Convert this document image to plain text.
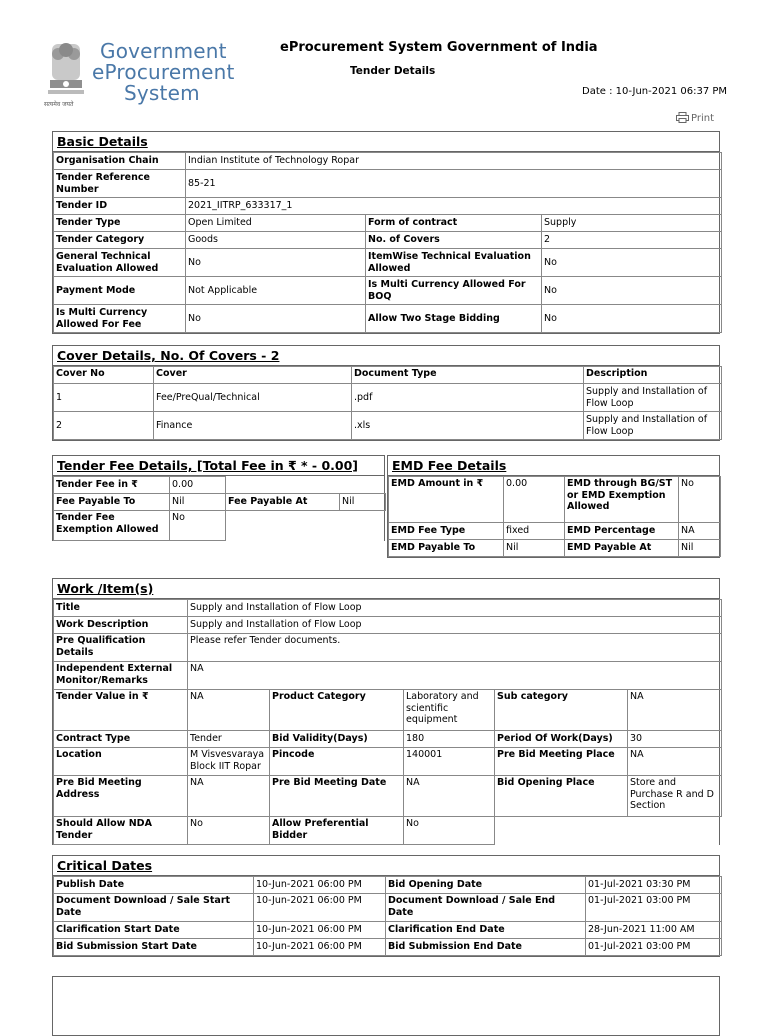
सत्यमेव जयते
Government
eProcurement
System
eProcurement System Government of India
Tender Details
Date : 10-Jun-2021 06:37 PM
Print
Basic Details
Organisation Chain	Indian Institute of Technology Ropar		
Tender Reference Number	85-21		
Tender ID	2021_IITRP_633317_1		
Tender Type	Open Limited	Form of contract	Supply
Tender Category	Goods	No. of Covers	2
General Technical Evaluation Allowed	No	ItemWise Technical Evaluation Allowed	No
Payment Mode	Not Applicable	Is Multi Currency Allowed For BOQ	No
Is Multi Currency Allowed For Fee	No	Allow Two Stage Bidding	No
Cover Details, No. Of Covers - 2
Cover No	Cover	Document Type	Description
1	Fee/PreQual/Technical	.pdf	Supply and Installation of Flow Loop
2	Finance	.xls	Supply and Installation of Flow Loop
Tender Fee Details, [Total Fee in ₹ * - 0.00]
Tender Fee in ₹	0.00		
Fee Payable To	Nil	Fee Payable At	Nil
Tender Fee Exemption Allowed	No		
EMD Fee Details
EMD Amount in ₹	0.00	EMD through BG/ST or EMD Exemption Allowed	No
EMD Fee Type	fixed	EMD Percentage	NA
EMD Payable To	Nil	EMD Payable At	Nil
Work /Item(s)
Title	Supply and Installation of Flow Loop				
Work Description	Supply and Installation of Flow Loop				
Pre Qualification Details	Please refer Tender documents.				
Independent External Monitor/Remarks	NA				
Tender Value in ₹	NA	Product Category	Laboratory and scientific equipment	Sub category	NA
Contract Type	Tender	Bid Validity(Days)	180	Period Of Work(Days)	30
Location	M Visvesvaraya Block IIT Ropar	Pincode	140001	Pre Bid Meeting Place	NA
Pre Bid Meeting Address	NA	Pre Bid Meeting Date	NA	Bid Opening Place	Store and Purchase R and D Section
Should Allow NDA Tender	No	Allow Preferential Bidder	No		
Critical Dates
Publish Date	10-Jun-2021 06:00 PM	Bid Opening Date	01-Jul-2021 03:30 PM
Document Download / Sale Start Date	10-Jun-2021 06:00 PM	Document Download / Sale End Date	01-Jul-2021 03:00 PM
Clarification Start Date	10-Jun-2021 06:00 PM	Clarification End Date	28-Jun-2021 11:00 AM
Bid Submission Start Date	10-Jun-2021 06:00 PM	Bid Submission End Date	01-Jul-2021 03:00 PM
